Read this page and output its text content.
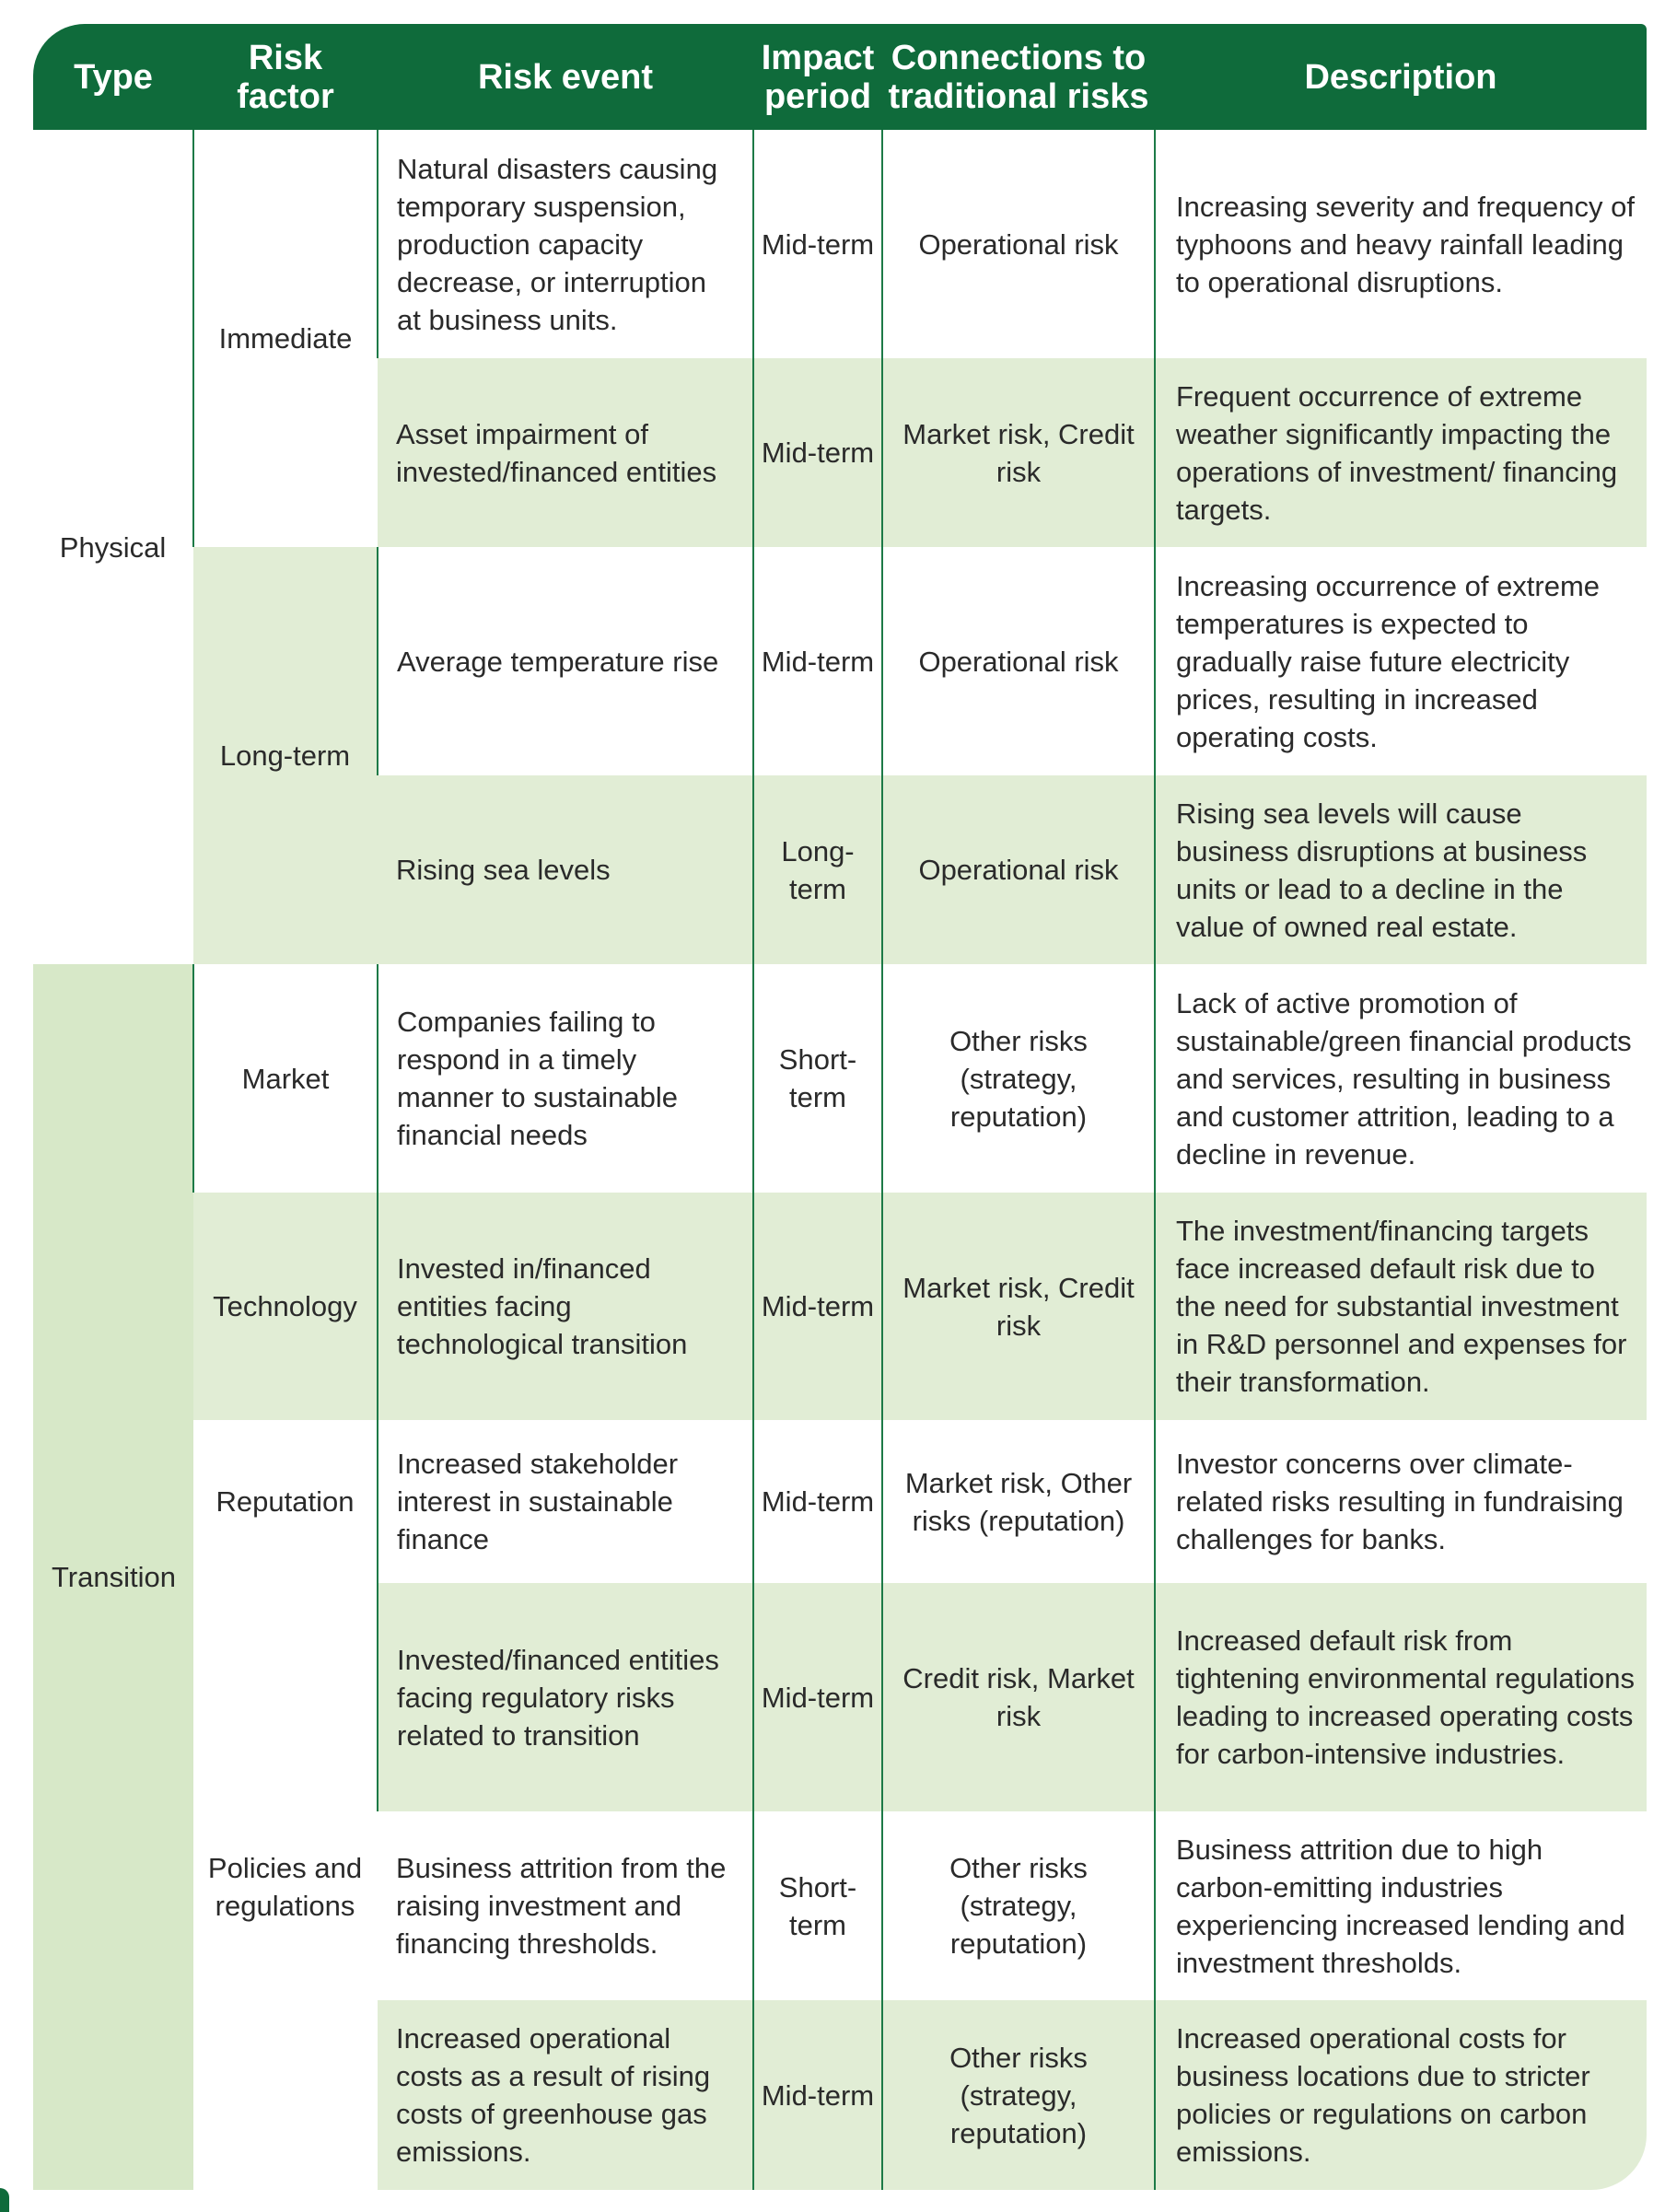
Type	Risk factor	Risk event	Impact period	Connections to traditional risks	Description
Physical	Immediate	Natural disasters causing temporary suspension, production capacity decrease, or interruption at business units.	Mid-term	Operational risk	Increasing severity and frequency of typhoons and heavy rainfall leading to operational disruptions.
		Asset impairment of invested/financed entities	Mid-term	Market risk, Credit risk	Frequent occurrence of extreme weather significantly impacting the operations of investment/ financing targets.
	Long-term	Average temperature rise	Mid-term	Operational risk	Increasing occurrence of extreme temperatures is expected to gradually raise future electricity prices, resulting in increased operating costs.
		Rising sea levels	Long-term	Operational risk	Rising sea levels will cause business disruptions at business units or lead to a decline in the value of owned real estate.
Transition	Market	Companies failing to respond in a timely manner to sustainable financial needs	Short-term	Other risks (strategy, reputation)	Lack of active promotion of sustainable/green financial products and services, resulting in business and customer attrition, leading to a decline in revenue.
	Technology	Invested in/financed entities facing technological transition	Mid-term	Market risk, Credit risk	The investment/financing targets face increased default risk due to the need for substantial investment in R&D personnel and expenses for their transformation.
	Reputation	Increased stakeholder interest in sustainable finance	Mid-term	Market risk, Other risks (reputation)	Investor concerns over climate-related risks resulting in fundraising challenges for banks.
	Policies and regulations	Invested/financed entities facing regulatory risks related to transition	Mid-term	Credit risk, Market risk	Increased default risk from tightening environmental regulations leading to increased operating costs for carbon-intensive industries.
		Business attrition from the raising investment and financing thresholds.	Short-term	Other risks (strategy, reputation)	Business attrition due to high carbon-emitting industries experiencing increased lending and investment thresholds.
		Increased operational costs as a result of rising costs of greenhouse gas emissions.	Mid-term	Other risks (strategy, reputation)	Increased operational costs for business locations due to stricter policies or regulations on carbon emissions.
